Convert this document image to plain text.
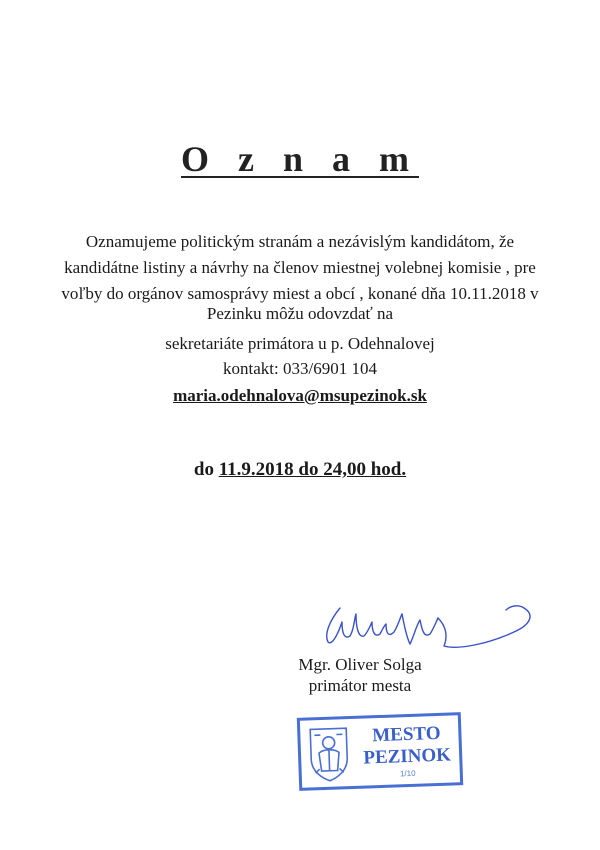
O z n a m
Oznamujeme politickým stranám a nezávislým kandidátom, že
kandidátne listiny a návrhy na členov miestnej volebnej komisie , pre
voľby do orgánov samosprávy miest a obcí , konané dňa 10.11.2018 v
Pezinku môžu odovzdať na
sekretariáte primátora u p. Odehnalovej
kontakt: 033/6901 104
maria.odehnalova@msupezinok.sk
do 11.9.2018 do 24,00 hod.
Mgr. Oliver Solga
primátor mesta
MESTO
PEZINOK
1/10
